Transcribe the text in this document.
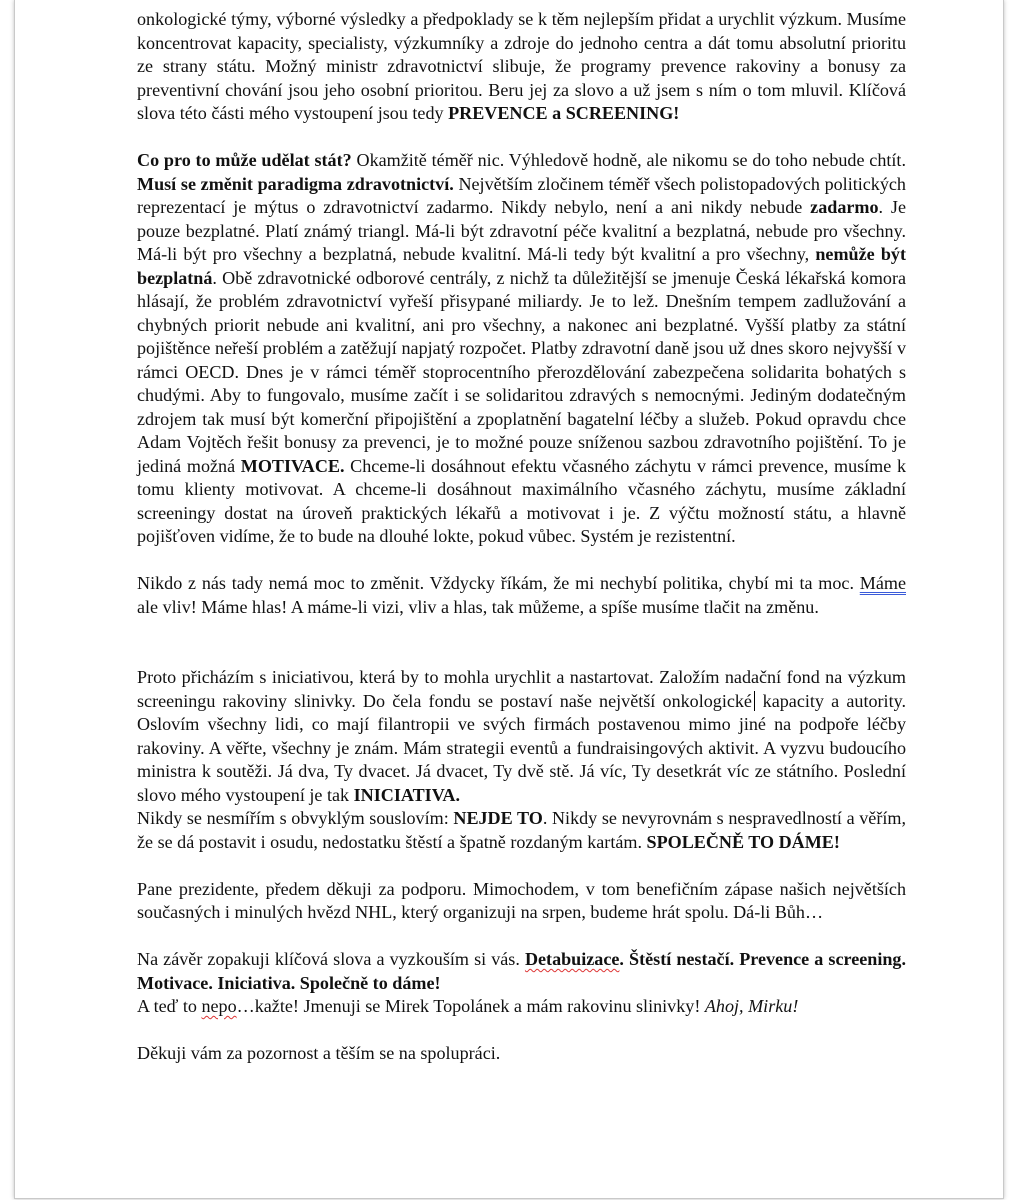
onkologické týmy, výborné výsledky a předpoklady se k těm nejlepším přidat a urychlit výzkum. Musíme koncentrovat kapacity, specialisty, výzkumníky a zdroje do jednoho centra a dát tomu absolutní prioritu ze strany státu. Možný ministr zdravotnictví slibuje, že programy prevence rakoviny a bonusy za preventivní chování jsou jeho osobní prioritou. Beru jej za slovo a už jsem s ním o tom mluvil. Klíčová slova této části mého vystoupení jsou tedy PREVENCE a SCREENING!

Co pro to může udělat stát? Okamžitě téměř nic. Výhledově hodně, ale nikomu se do toho nebude chtít. Musí se změnit paradigma zdravotnictví. Největším zločinem téměř všech polistopadových politických reprezentací je mýtus o zdravotnictví zadarmo. Nikdy nebylo, není a ani nikdy nebude zadarmo. Je pouze bezplatné. Platí známý triangl. Má-li být zdravotní péče kvalitní a bezplatná, nebude pro všechny. Má-li být pro všechny a bezplatná, nebude kvalitní. Má-li tedy být kvalitní a pro všechny, nemůže být bezplatná. Obě zdravotnické odborové centrály, z nichž ta důležitější se jmenuje Česká lékařská komora hlásají, že problém zdravotnictví vyřeší přisypané miliardy. Je to lež. Dnešním tempem zadlužování a chybných priorit nebude ani kvalitní, ani pro všechny, a nakonec ani bezplatné. Vyšší platby za státní pojištěnce neřeší problém a zatěžují napjatý rozpočet. Platby zdravotní daně jsou už dnes skoro nejvyšší v rámci OECD. Dnes je v rámci téměř stoprocentního přerozdělování zabezpečena solidarita bohatých s chudými. Aby to fungovalo, musíme začít i se solidaritou zdravých s nemocnými. Jediným dodatečným zdrojem tak musí být komerční připojištění a zpoplatnění bagatelní léčby a služeb. Pokud opravdu chce Adam Vojtěch řešit bonusy za prevenci, je to možné pouze sníženou sazbou zdravotního pojištění. To je jediná možná MOTIVACE. Chceme-li dosáhnout efektu včasného záchytu v rámci prevence, musíme k tomu klienty motivovat. A chceme-li dosáhnout maximálního včasného záchytu, musíme základní screeningy dostat na úroveň praktických lékařů a motivovat i je. Z výčtu možností státu, a hlavně pojišťoven vidíme, že to bude na dlouhé lokte, pokud vůbec. Systém je rezistentní.

Nikdo z nás tady nemá moc to změnit. Vždycky říkám, že mi nechybí politika, chybí mi ta moc. Máme ale vliv! Máme hlas! A máme-li vizi, vliv a hlas, tak můžeme, a spíše musíme tlačit na změnu.

Proto přicházím s iniciativou, která by to mohla urychlit a nastartovat. Založím nadační fond na výzkum screeningu rakoviny slinivky. Do čela fondu se postaví naše největší onkologické kapacity a autority. Oslovím všechny lidi, co mají filantropii ve svých firmách postavenou mimo jiné na podpoře léčby rakoviny. A věřte, všechny je znám. Mám strategii eventů a fundraisingových aktivit. A vyzvu budoucího ministra k soutěži. Já dva, Ty dvacet. Já dvacet, Ty dvě stě. Já víc, Ty desetkrát víc ze státního. Poslední slovo mého vystoupení je tak INICIATIVA.

Nikdy se nesmířím s obvyklým souslovím: NEJDE TO. Nikdy se nevyrovnám s nespravedlností a věřím, že se dá postavit i osudu, nedostatku štěstí a špatně rozdaným kartám. SPOLEČNĚ TO DÁME!

Pane prezidente, předem děkuji za podporu. Mimochodem, v tom benefičním zápase našich největších současných i minulých hvězd NHL, který organizuji na srpen, budeme hrát spolu. Dá-li Bůh…

Na závěr zopakuji klíčová slova a vyzkouším si vás. Detabuizace. Štěstí nestačí. Prevence a screening. Motivace. Iniciativa. Společně to dáme!

A teď to nepo…kažte! Jmenuji se Mirek Topolánek a mám rakovinu slinivky! Ahoj, Mirku!

Děkuji vám za pozornost a těším se na spolupráci.
